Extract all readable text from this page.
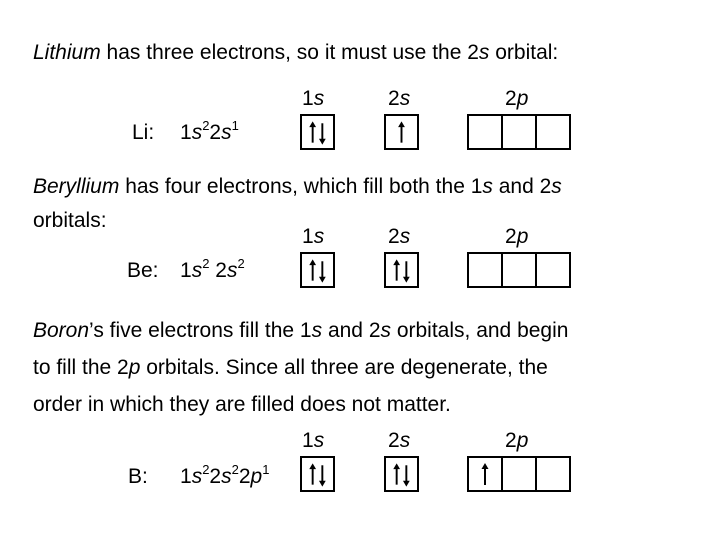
Lithium has three electrons, so it must use the 2s orbital:
1s	2s	2p
Li: $1s^22s^1$
Beryllium has four electrons, which fill both the 1s and 2s
orbitals:
1s	2s	2p
Be: $1s^2$ $2s^2$
Boron’s five electrons fill the 1s and 2s orbitals, and begin
to fill the 2p orbitals. Since all three are degenerate, the
order in which they are filled does not matter.
1s	2s	2p
B: $1s^22s^22p^1$
